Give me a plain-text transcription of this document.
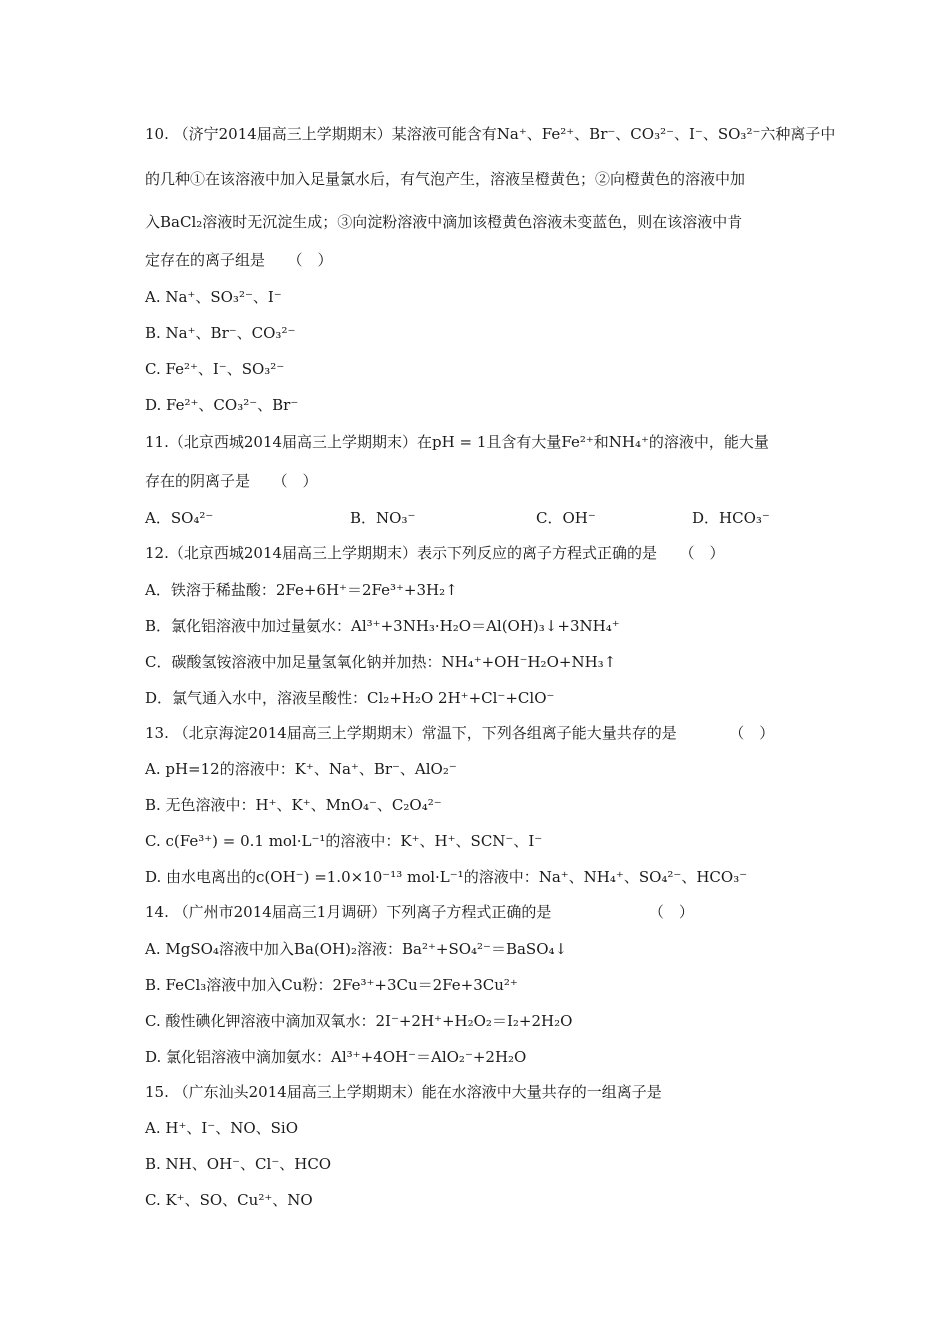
10. （济宁2014届高三上学期期末）某溶液可能含有Na⁺、Fe²⁺、Br⁻、CO₃²⁻、I⁻、SO₃²⁻六种离子中
的几种①在该溶液中加入足量氯水后，有气泡产生，溶液呈橙黄色；②向橙黄色的溶液中加
入BaCl₂溶液时无沉淀生成；③向淀粉溶液中滴加该橙黄色溶液未变蓝色，则在该溶液中肯
定存在的离子组是　　（　）
A. Na⁺、SO₃²⁻、I⁻
B. Na⁺、Br⁻、CO₃²⁻
C. Fe²⁺、I⁻、SO₃²⁻
D. Fe²⁺、CO₃²⁻、Br⁻
11.（北京西城2014届高三上学期期末）在pH = 1且含有大量Fe²⁺和NH₄⁺的溶液中，能大量
存在的阴离子是　　（　）
A．SO₄²⁻	B．NO₃⁻	C．OH⁻	D．HCO₃⁻
12.（北京西城2014届高三上学期期末）表示下列反应的离子方程式正确的是　　（　）
A．铁溶于稀盐酸：2Fe+6H⁺＝2Fe³⁺+3H₂↑
B．氯化铝溶液中加过量氨水：Al³⁺+3NH₃·H₂O＝Al(OH)₃↓+3NH₄⁺
C．碳酸氢铵溶液中加足量氢氧化钠并加热：NH₄⁺+OH⁻H₂O+NH₃↑
D．氯气通入水中，溶液呈酸性：Cl₂+H₂O 2H⁺+Cl⁻+ClO⁻
13. （北京海淀2014届高三上学期期末）常温下，下列各组离子能大量共存的是　　　　（　）
A. pH=12的溶液中：K⁺、Na⁺、Br⁻、AlO₂⁻
B. 无色溶液中：H⁺、K⁺、MnO₄⁻、C₂O₄²⁻
C. c(Fe³⁺) = 0.1 mol·L⁻¹的溶液中：K⁺、H⁺、SCN⁻、I⁻
D. 由水电离出的c(OH⁻) =1.0×10⁻¹³ mol·L⁻¹的溶液中：Na⁺、NH₄⁺、SO₄²⁻、HCO₃⁻
14. （广州市2014届高三1月调研）下列离子方程式正确的是　　　　　　　（　）
A. MgSO₄溶液中加入Ba(OH)₂溶液：Ba²⁺+SO₄²⁻＝BaSO₄↓
B. FeCl₃溶液中加入Cu粉：2Fe³⁺+3Cu＝2Fe+3Cu²⁺
C. 酸性碘化钾溶液中滴加双氧水：2I⁻+2H⁺+H₂O₂＝I₂+2H₂O
D. 氯化铝溶液中滴加氨水：Al³⁺+4OH⁻＝AlO₂⁻+2H₂O
15. （广东汕头2014届高三上学期期末）能在水溶液中大量共存的一组离子是
A. H⁺、I⁻、NO、SiO
B. NH、OH⁻、Cl⁻、HCO
C. K⁺、SO、Cu²⁺、NO
